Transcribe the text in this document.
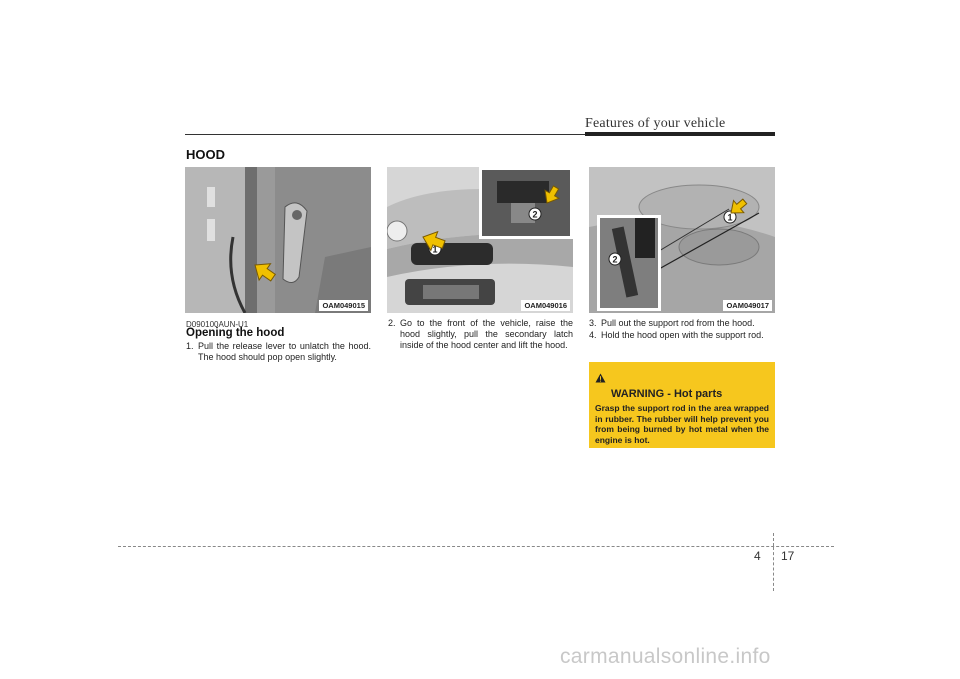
Features of your vehicle
HOOD
OAM049015
1
2
OAM049016
1
2
OAM049017
D090100AUN-U1
Opening the hood
1. Pull the release lever to unlatch the hood. The hood should pop open slightly.
2. Go to the front of the vehicle, raise the hood slightly, pull the secondary latch inside of the hood center and lift the hood.
3. Pull out the support rod from the hood.
4. Hold the hood open with the support rod.
WARNING - Hot parts
Grasp the support rod in the area wrapped in rubber. The rubber will help prevent you from being burned by hot metal when the engine is hot.
4 17
carmanualsonline.info
